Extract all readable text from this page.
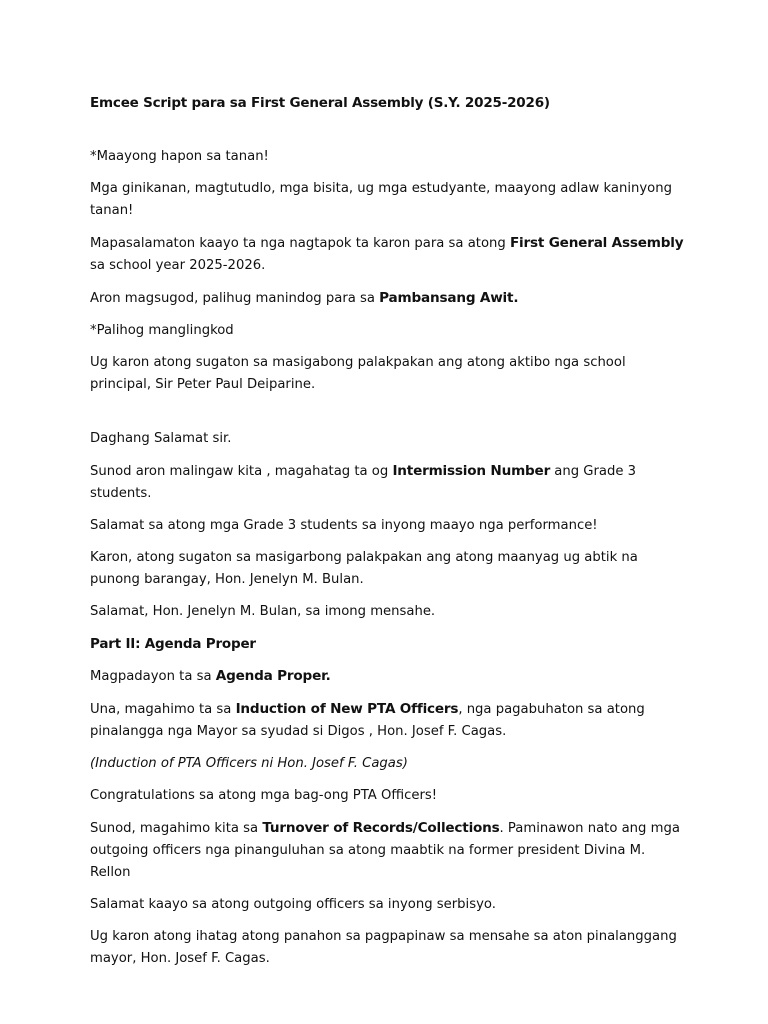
Emcee Script para sa First General Assembly (S.Y. 2025-2026)

*Maayong hapon sa tanan!

Mga ginikanan, magtutudlo, mga bisita, ug mga estudyante, maayong adlaw kaninyong tanan!

Mapasalamaton kaayo ta nga nagtapok ta karon para sa atong First General Assembly sa school year 2025-2026.

Aron magsugod, palihug manindog para sa Pambansang Awit.

*Palihog manglingkod

Ug karon atong sugaton sa masigabong palakpakan ang atong aktibo nga school principal, Sir Peter Paul Deiparine.

Daghang Salamat sir.

Sunod aron malingaw kita , magahatag ta og Intermission Number ang Grade 3 students.

Salamat sa atong mga Grade 3 students sa inyong maayo nga performance!

Karon, atong sugaton sa masigarbong palakpakan ang atong maanyag ug abtik na punong barangay, Hon. Jenelyn M. Bulan.

Salamat, Hon. Jenelyn M. Bulan, sa imong mensahe.

Part II: Agenda Proper

Magpadayon ta sa Agenda Proper.

Una, magahimo ta sa Induction of New PTA Officers, nga pagabuhaton sa atong pinalangga nga Mayor sa syudad si Digos , Hon. Josef F. Cagas.

(Induction of PTA Officers ni Hon. Josef F. Cagas)

Congratulations sa atong mga bag-ong PTA Officers!

Sunod, magahimo kita sa Turnover of Records/Collections. Paminawon nato ang mga outgoing officers nga pinanguluhan sa atong maabtik na former president Divina M. Rellon

Salamat kaayo sa atong outgoing officers sa inyong serbisyo.

Ug karon atong ihatag atong panahon sa pagpapinaw sa mensahe sa aton pinalanggang mayor, Hon. Josef F. Cagas.
